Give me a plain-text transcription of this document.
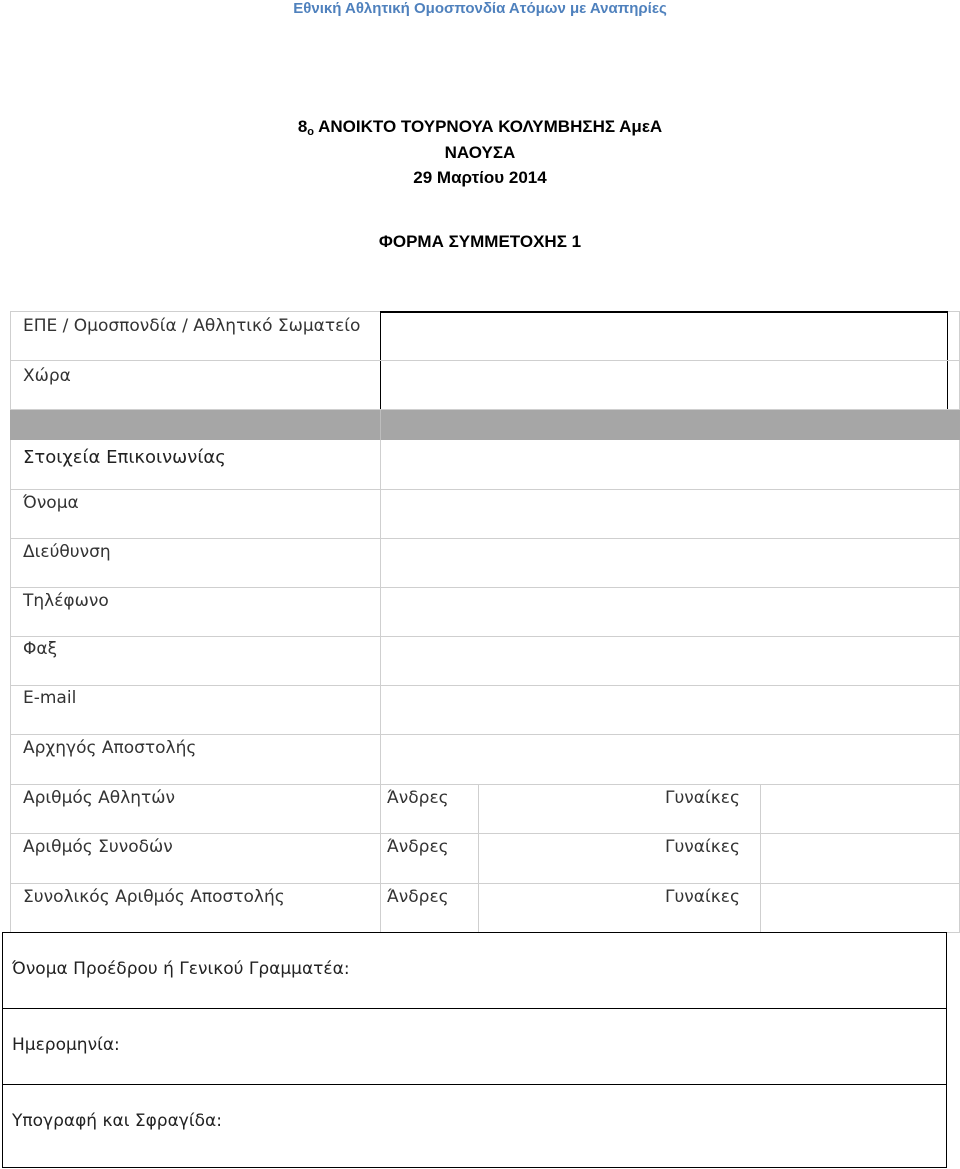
Εθνική Αθλητική Ομοσπονδία Ατόμων με Αναπηρίες
$8_o$ ΑΝΟΙΚΤΟ ΤΟΥΡΝΟΥΑ ΚΟΛΥΜΒΗΣΗΣ ΑμεΑ
ΝΑΟΥΣΑ
29 Μαρτίου 2014
ΦΟΡΜΑ ΣΥΜΜΕΤΟΧΗΣ 1
ΕΠΕ / Ομοσπονδία / Αθλητικό Σωματείο
Χώρα
Στοιχεία Επικοινωνίας
Όνομα
Διεύθυνση
Τηλέφωνο
Φαξ
E-mail
Αρχηγός Αποστολής
Αριθμός Αθλητών	Άνδρες	Γυναίκες
Αριθμός Συνοδών	Άνδρες	Γυναίκες
Συνολικός Αριθμός Αποστολής	Άνδρες	Γυναίκες
Όνομα Προέδρου ή Γενικού Γραμματέα:
Ημερομηνία:
Υπογραφή και Σφραγίδα:
